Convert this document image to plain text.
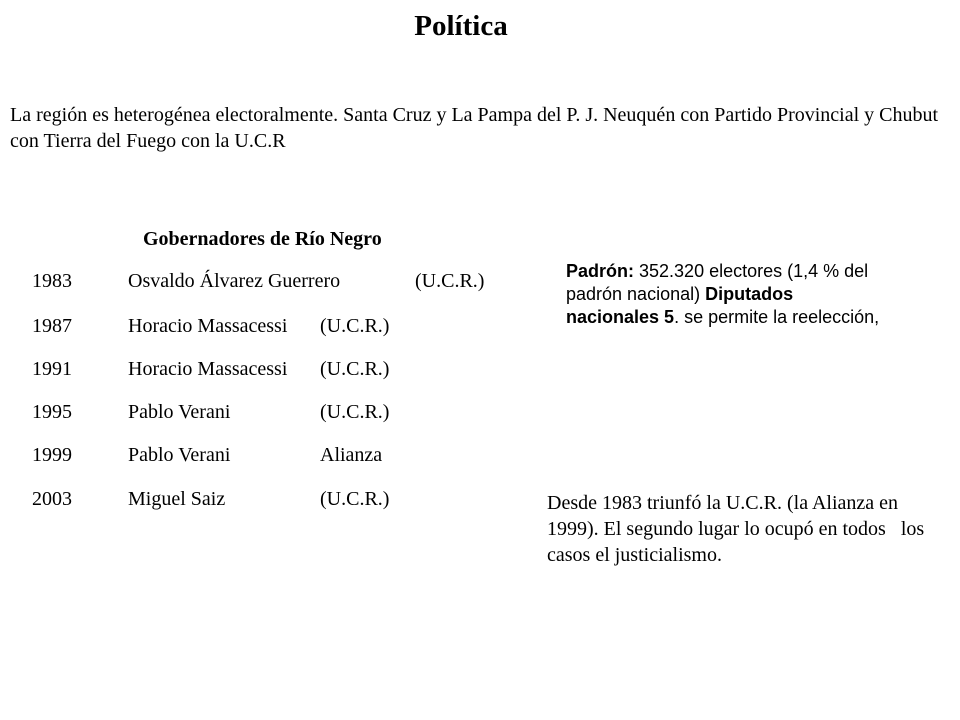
Política
La región es heterogénea electoralmente. Santa Cruz y La Pampa del P. J. Neuquén con Partido Provincial y Chubut con Tierra del Fuego con la U.C.R
Gobernadores de Río Negro
1983	Osvaldo Álvarez Guerrero	(U.C.R.)
1987	Horacio Massacessi (U.C.R.)
1991	Horacio Massacessi (U.C.R.)
1995	Pablo Verani	(U.C.R.)
1999	Pablo Verani	Alianza
2003	Miguel Saiz	(U.C.R.)
Padrón: 352.320 electores (1,4 % del padrón nacional) Diputados nacionales 5. se permite la reelección,
Desde 1983 triunfó la U.C.R. (la Alianza en 1999). El segundo lugar lo ocupó en todos   los casos el justicialismo.
